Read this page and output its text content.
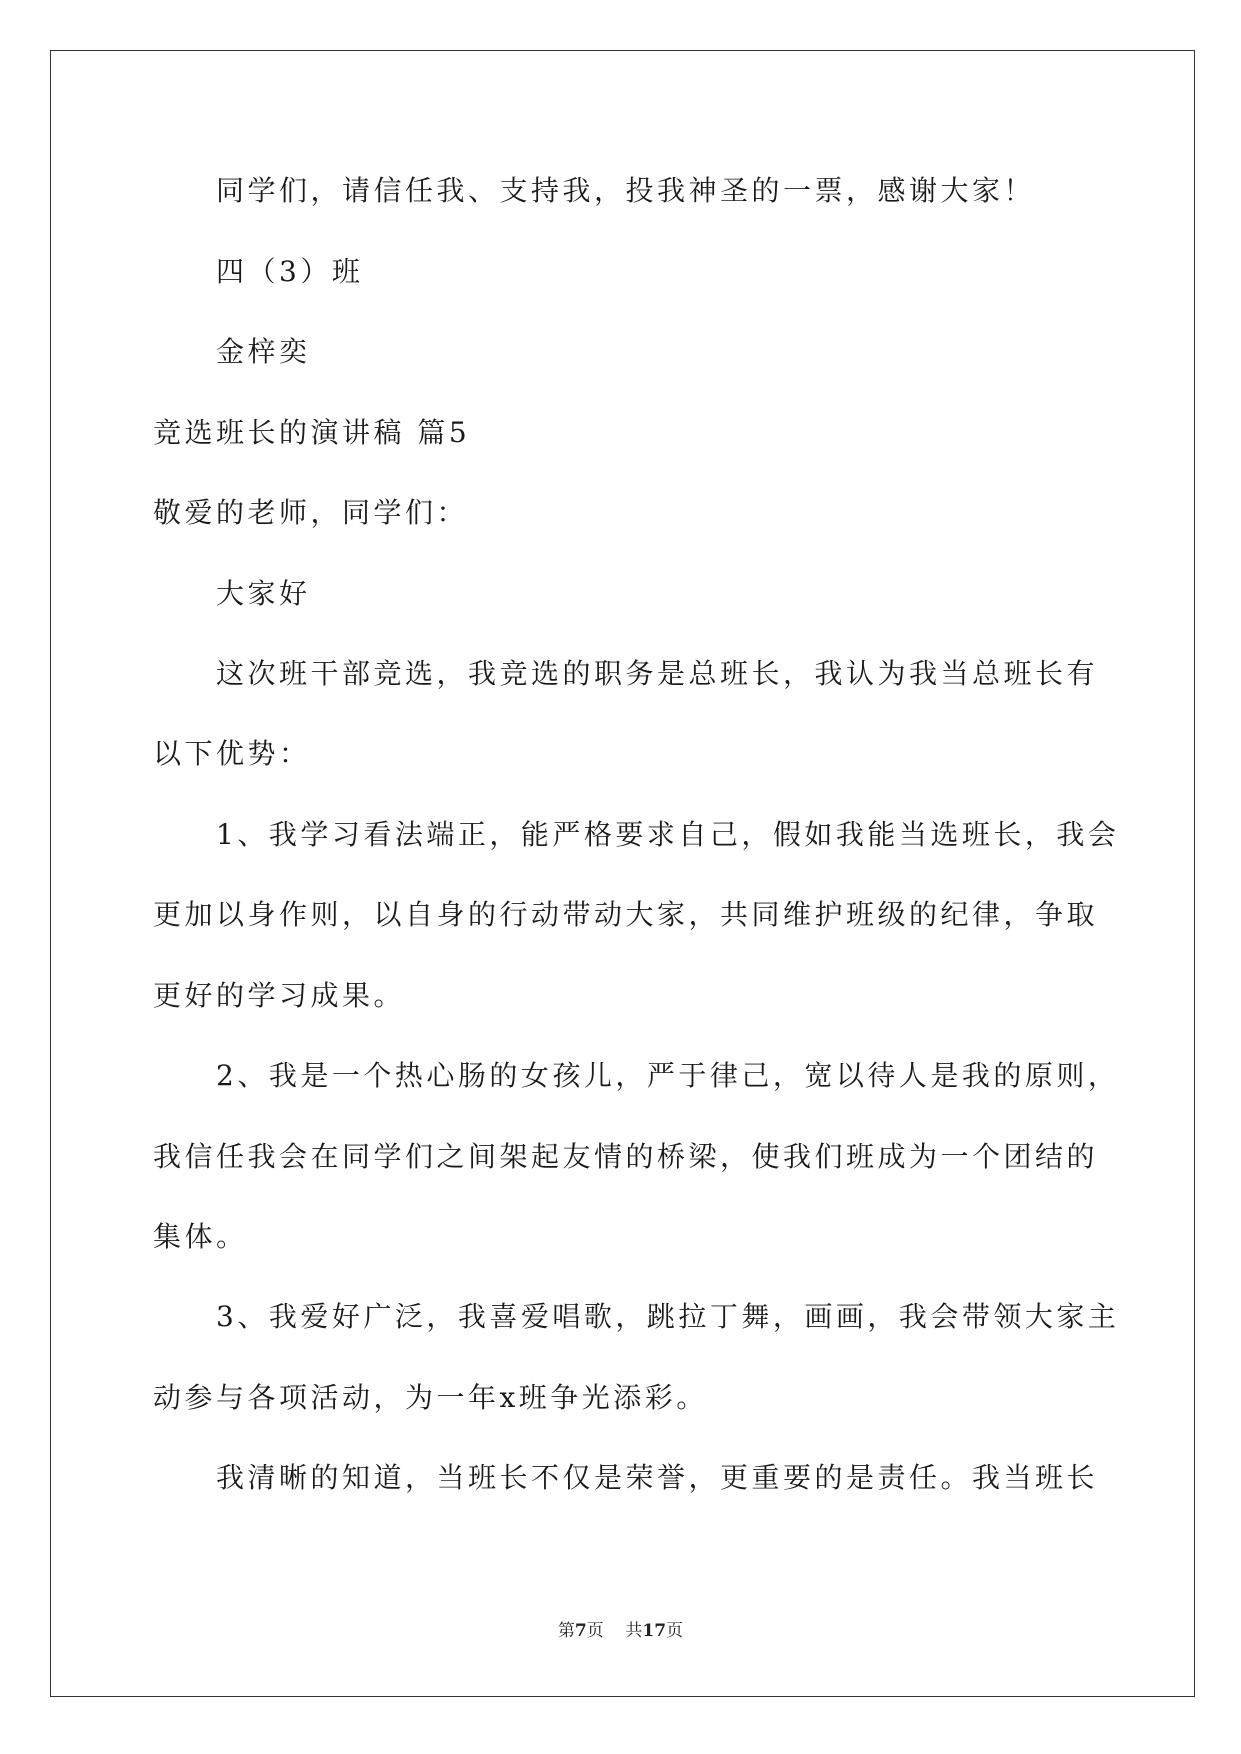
同学们，请信任我、支持我，投我神圣的一票，感谢大家！
四（3）班
金梓奕
竞选班长的演讲稿 篇5
敬爱的老师，同学们：
大家好
这次班干部竞选，我竞选的职务是总班长，我认为我当总班长有
以下优势：
1、我学习看法端正，能严格要求自己，假如我能当选班长，我会
更加以身作则，以自身的行动带动大家，共同维护班级的纪律，争取
更好的学习成果。
2、我是一个热心肠的女孩儿，严于律己，宽以待人是我的原则，
我信任我会在同学们之间架起友情的桥梁，使我们班成为一个团结的
集体。
3、我爱好广泛，我喜爱唱歌，跳拉丁舞，画画，我会带领大家主
动参与各项活动，为一年x班争光添彩。
我清晰的知道，当班长不仅是荣誉，更重要的是责任。我当班长
第7页 共17页
